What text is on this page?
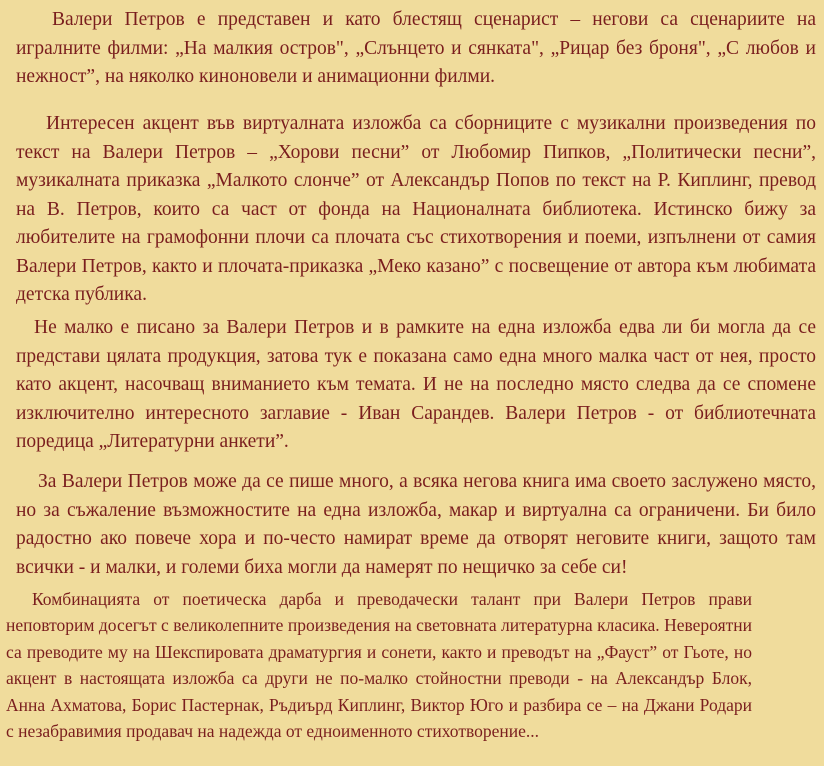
Валери Петров е представен и като блестящ сценарист – негови са сценариите на игралните филми: „На малкия остров", „Слънцето и сянката", „Рицар без броня", „С любов и нежност”, на няколко кинoновели и анимационни филми.

Интересен акцент във виртуалната изложба са сборниците с музикални произведения по текст на Валери Петров – „Хорови песни” от Любомир Пипков, „Политически песни”, музикалната приказка „Малкото слонче” от Александър Попов по текст на Р. Киплинг, превод на В. Петров, които са част от фонда на Националната библиотека. Истинско бижу за любителите на грамофонни плочи са плочата със стихотворения и поеми, изпълнени от самия Валери Петров, както и плочата-приказка „Меко казано” с посвещение от автора към любимата детска публика.

Не малко е писано за Валери Петров и в рамките на една изложба едва ли би могла да се представи цялата продукция, затова тук е показана само една много малка част от нея, просто като акцент, насочващ вниманието към темата. И не на последно място следва да се спомене изключително интересното заглавие - Иван Сарандев. Валери Петров - от библиотечната поредица „Литературни анкети”.

За Валери Петров може да се пише много, а всяка негова книга има своето заслужено място, но за съжаление възможностите на една изложба, макар и виртуална са ограничени. Би било радостно ако повече хора и по-често намират време да отворят неговите книги, защото там всички - и малки, и големи биха могли да намерят по нещичко за себе си!

Комбинацията от поетическа дарба и преводачески талант при Валери Петров прави неповторим досегът с великолепните произведения на световната литературна класика. Невероятни са преводите му на Шекспировата драматургия и сонети, както и преводът на „Фауст” от Гьоте, но акцент в настоящата изложба са други не по-малко стойностни преводи - на Александър Блок, Анна Ахматова, Борис Пастернак, Ръдиърд Киплинг, Виктор Юго и разбира се – на Джани Родари с незабравимия продавач на надежда от едноименното стихотворение...
